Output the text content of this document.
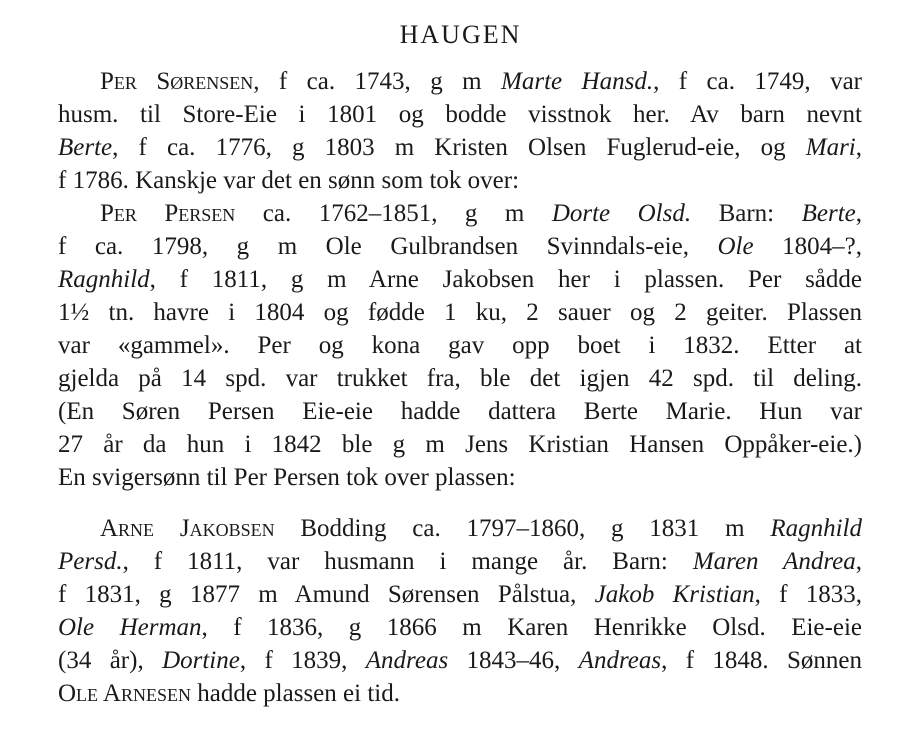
HAUGEN
Per Sørensen, f ca. 1743, g m Marte Hansd., f ca. 1749, var
husm. til Store-Eie i 1801 og bodde visstnok her. Av barn nevnt
Berte, f ca. 1776, g 1803 m Kristen Olsen Fuglerud-eie, og Mari,
f 1786. Kanskje var det en sønn som tok over:
Per Persen ca. 1762–1851, g m Dorte Olsd. Barn: Berte,
f ca. 1798, g m Ole Gulbrandsen Svinndals-eie, Ole 1804–?,
Ragnhild, f 1811, g m Arne Jakobsen her i plassen. Per sådde
1½ tn. havre i 1804 og fødde 1 ku, 2 sauer og 2 geiter. Plassen
var «gammel». Per og kona gav opp boet i 1832. Etter at
gjelda på 14 spd. var trukket fra, ble det igjen 42 spd. til deling.
(En Søren Persen Eie-eie hadde dattera Berte Marie. Hun var
27 år da hun i 1842 ble g m Jens Kristian Hansen Oppåker-eie.)
En svigersønn til Per Persen tok over plassen:
Arne Jakobsen Bodding ca. 1797–1860, g 1831 m Ragnhild
Persd., f 1811, var husmann i mange år. Barn: Maren Andrea,
f 1831, g 1877 m Amund Sørensen Pålstua, Jakob Kristian, f 1833,
Ole Herman, f 1836, g 1866 m Karen Henrikke Olsd. Eie-eie
(34 år), Dortine, f 1839, Andreas 1843–46, Andreas, f 1848. Sønnen
Ole Arnesen hadde plassen ei tid.
